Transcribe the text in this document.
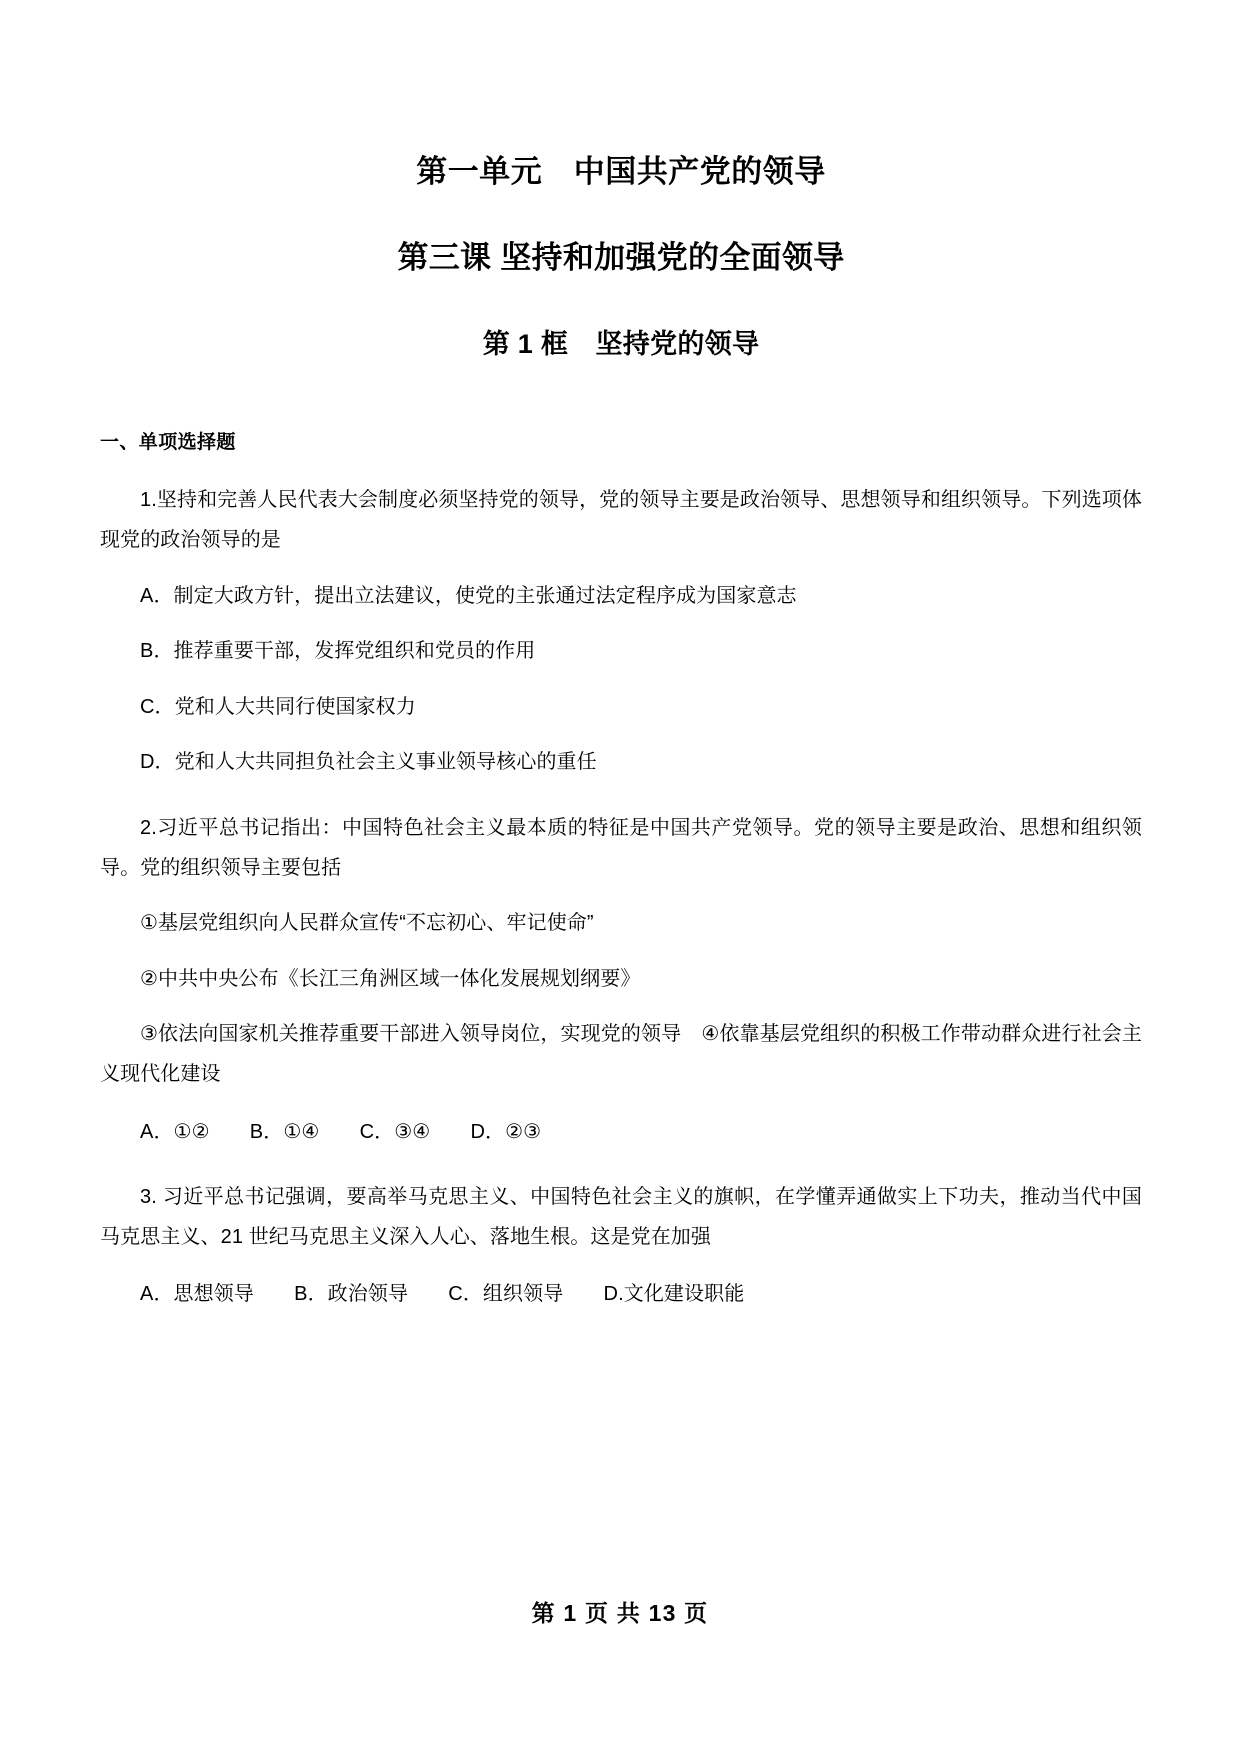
第一单元　中国共产党的领导
第三课 坚持和加强党的全面领导
第 1 框　坚持党的领导

一、单项选择题

1.坚持和完善人民代表大会制度必须坚持党的领导，党的领导主要是政治领导、思想领导和组织领导。下列选项体现党的政治领导的是

A．制定大政方针，提出立法建议，使党的主张通过法定程序成为国家意志

B．推荐重要干部，发挥党组织和党员的作用

C．党和人大共同行使国家权力

D．党和人大共同担负社会主义事业领导核心的重任

2.习近平总书记指出：中国特色社会主义最本质的特征是中国共产党领导。党的领导主要是政治、思想和组织领导。党的组织领导主要包括

①基层党组织向人民群众宣传“不忘初心、牢记使命”

②中共中央公布《长江三角洲区域一体化发展规划纲要》

③依法向国家机关推荐重要干部进入领导岗位，实现党的领导　④依靠基层党组织的积极工作带动群众进行社会主义现代化建设

A．①②　　B．①④　　C．③④　　D．②③

3. 习近平总书记强调，要高举马克思主义、中国特色社会主义的旗帜，在学懂弄通做实上下功夫，推动当代中国马克思主义、21 世纪马克思主义深入人心、落地生根。这是党在加强

A．思想领导　　B．政治领导　　C．组织领导　　D.文化建设职能

第 1 页 共 13 页
